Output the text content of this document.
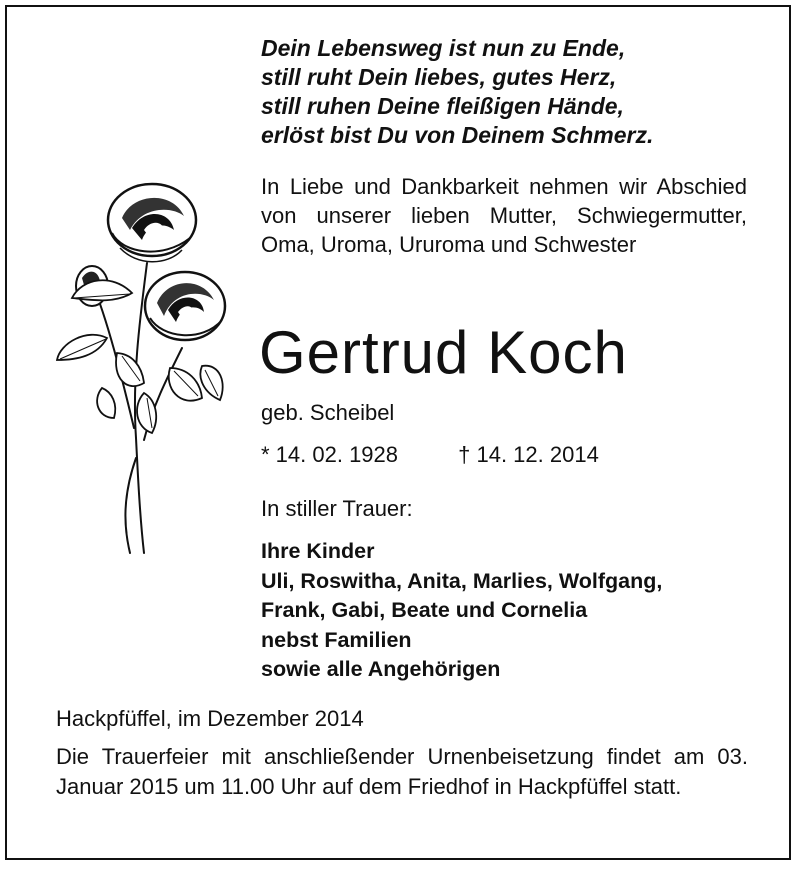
Dein Lebensweg ist nun zu Ende,
still ruht Dein liebes, gutes Herz,
still ruhen Deine fleißigen Hände,
erlöst bist Du von Deinem Schmerz.

In Liebe und Dankbarkeit nehmen wir Abschied von unserer lieben Mutter, Schwiegermutter, Oma, Uroma, Ururoma und Schwester

Gertrud Koch
geb. Scheibel
* 14. 02. 1928	† 14. 12. 2014
In stiller Trauer:
Ihre Kinder
Uli, Roswitha, Anita, Marlies, Wolfgang,
Frank, Gabi, Beate und Cornelia
nebst Familien
sowie alle Angehörigen
Hackpfüffel, im Dezember 2014

Die Trauerfeier mit anschließender Urnenbeisetzung findet am 03. Januar 2015 um 11.00 Uhr auf dem Friedhof in Hackpfüffel statt.
